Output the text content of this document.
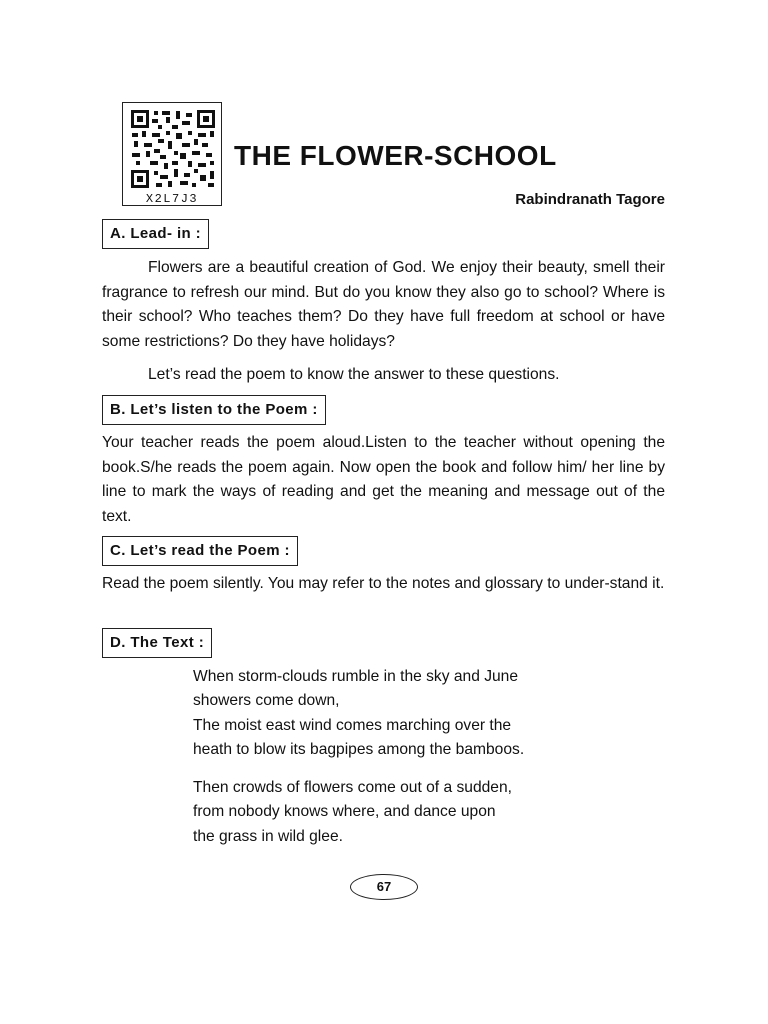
X2L7J3
THE FLOWER-SCHOOL
Rabindranath Tagore
A. Lead- in :

Flowers are a beautiful creation of God. We enjoy their beauty, smell their fragrance to refresh our mind. But do you know they also go to school? Where is their school? Who teaches them? Do they have full freedom at school or have some restrictions? Do they have holidays?

Let’s read the poem to know the answer to these questions.

B. Let’s listen to the Poem :

Your teacher reads the poem aloud.Listen to the teacher without opening the book.S/he reads the poem again. Now open the book and follow him/ her line by line to mark the ways of reading and get the meaning and message out of the text.

C. Let’s read the Poem :

Read the poem silently. You may refer to the notes and glossary to under-stand it.

D. The Text :
When storm-clouds rumble in the sky and June
showers come down,
The moist east wind comes marching over the
heath to blow its bagpipes among the bamboos.
Then crowds of flowers come out of a sudden,
from nobody knows where, and dance upon
the grass in wild glee.
67
